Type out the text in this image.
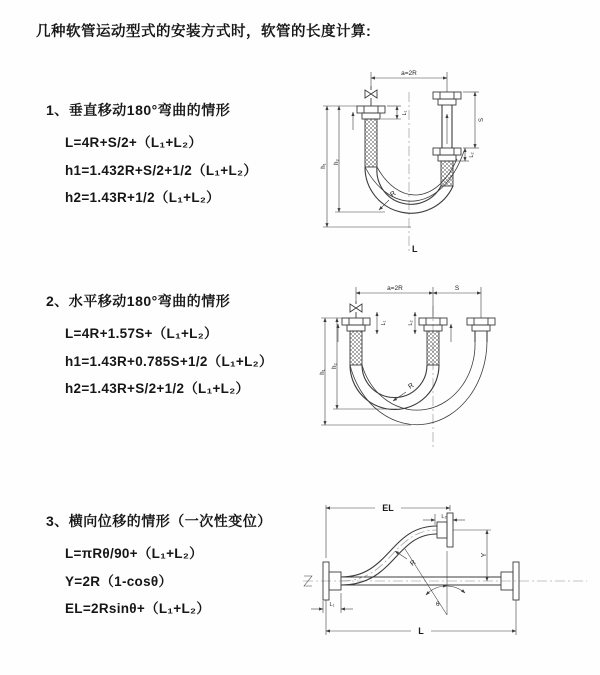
几种软管运动型式的安装方式时，软管的长度计算:
1、垂直移动180°弯曲的情形
L=4R+S/2+（L₁+L₂）
h1=1.432R+S/2+1/2（L₁+L₂）
h2=1.43R+1/2（L₁+L₂）
a=2R
L₁
S
L₂
h₁
h₂
R
L
2、水平移动180°弯曲的情形
L=4R+1.57S+（L₁+L₂）
h1=1.43R+0.785S+1/2（L₁+L₂）
h2=1.43R+S/2+1/2（L₁+L₂）
a=2R	S
L₁	L₂
h₁
h₂
R
3、横向位移的情形（一次性变位）
L=πRθ/90+（L₁+L₂）
Y=2R（1-cosθ）
EL=2Rsinθ+（L₁+L₂）
EL
L₂
Y
R
θ
L₁
L
